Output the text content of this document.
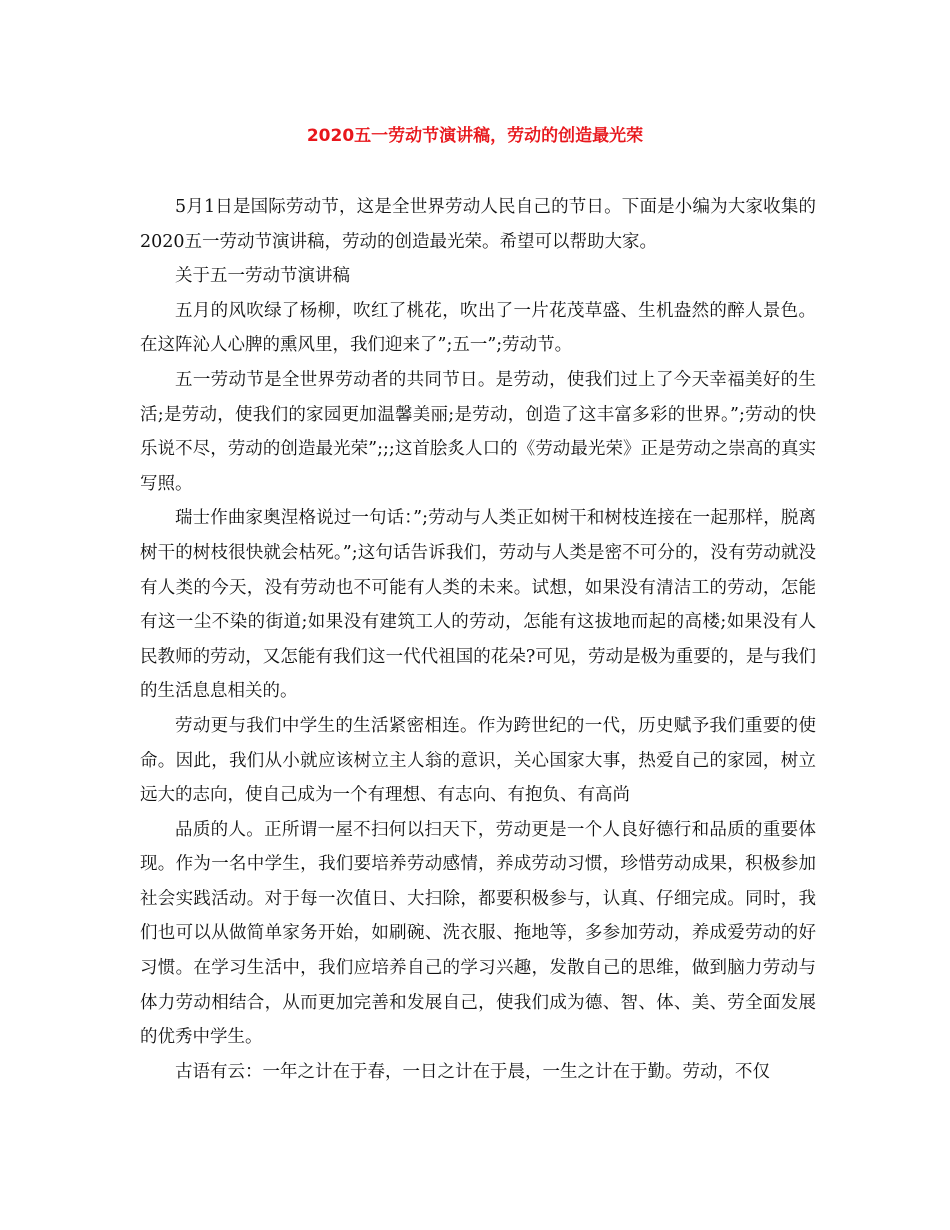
2020五一劳动节演讲稿，劳动的创造最光荣

5月1日是国际劳动节，这是全世界劳动人民自己的节日。下面是小编为大家收集的2020五一劳动节演讲稿，劳动的创造最光荣。希望可以帮助大家。

关于五一劳动节演讲稿

五月的风吹绿了杨柳，吹红了桃花，吹出了一片花茂草盛、生机盎然的醉人景色。在这阵沁人心脾的熏风里，我们迎来了”;五一”;劳动节。

五一劳动节是全世界劳动者的共同节日。是劳动，使我们过上了今天幸福美好的生活;是劳动，使我们的家园更加温馨美丽;是劳动，创造了这丰富多彩的世界。”;劳动的快乐说不尽，劳动的创造最光荣”;;;这首脍炙人口的《劳动最光荣》正是劳动之崇高的真实写照。

瑞士作曲家奥涅格说过一句话：”;劳动与人类正如树干和树枝连接在一起那样，脱离树干的树枝很快就会枯死。”;这句话告诉我们，劳动与人类是密不可分的，没有劳动就没有人类的今天，没有劳动也不可能有人类的未来。试想，如果没有清洁工的劳动，怎能有这一尘不染的街道;如果没有建筑工人的劳动，怎能有这拔地而起的高楼;如果没有人民教师的劳动，又怎能有我们这一代代祖国的花朵?可见，劳动是极为重要的，是与我们的生活息息相关的。

劳动更与我们中学生的生活紧密相连。作为跨世纪的一代，历史赋予我们重要的使命。因此，我们从小就应该树立主人翁的意识，关心国家大事，热爱自己的家园，树立远大的志向，使自己成为一个有理想、有志向、有抱负、有高尚

品质的人。正所谓一屋不扫何以扫天下，劳动更是一个人良好德行和品质的重要体现。作为一名中学生，我们要培养劳动感情，养成劳动习惯，珍惜劳动成果，积极参加社会实践活动。对于每一次值日、大扫除，都要积极参与，认真、仔细完成。同时，我们也可以从做简单家务开始，如刷碗、洗衣服、拖地等，多参加劳动，养成爱劳动的好习惯。在学习生活中，我们应培养自己的学习兴趣，发散自己的思维，做到脑力劳动与体力劳动相结合，从而更加完善和发展自己，使我们成为德、智、体、美、劳全面发展的优秀中学生。

古语有云：一年之计在于春，一日之计在于晨，一生之计在于勤。劳动，不仅
